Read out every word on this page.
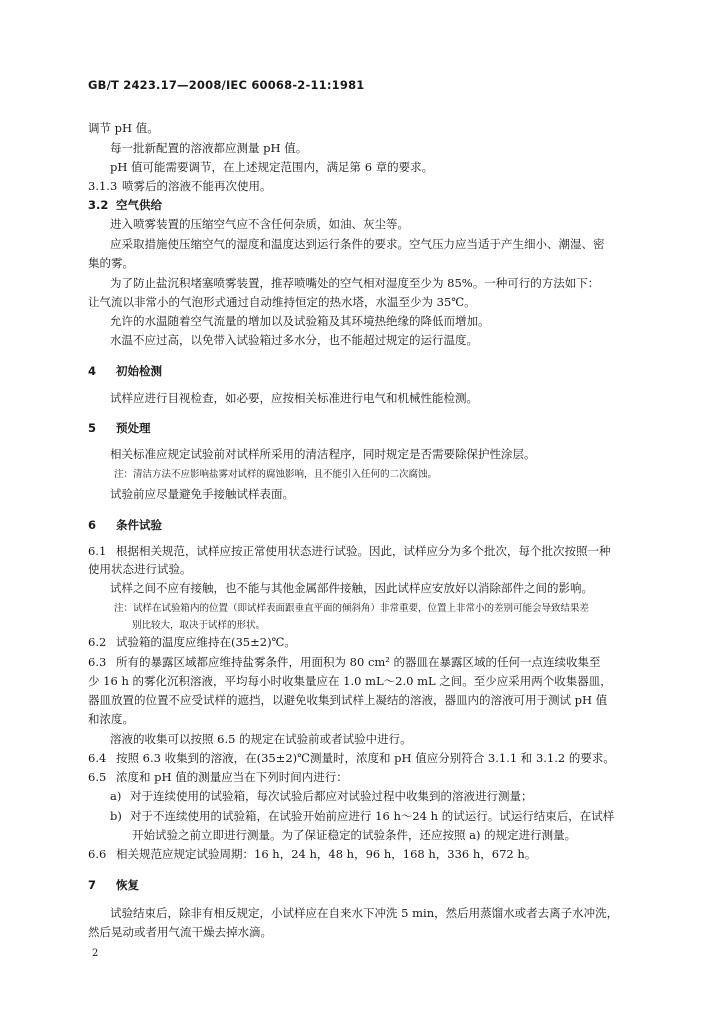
GB/T 2423.17—2008/IEC 60068-2-11:1981
调节 pH 值。
每一批新配置的溶液都应测量 pH 值。
pH 值可能需要调节，在上述规定范围内，满足第 6 章的要求。
3.1.3 喷雾后的溶液不能再次使用。
3.2 空气供给
进入喷雾装置的压缩空气应不含任何杂质，如油、灰尘等。
应采取措施使压缩空气的湿度和温度达到运行条件的要求。空气压力应当适于产生细小、潮湿、密
集的雾。
为了防止盐沉积堵塞喷雾装置，推荐喷嘴处的空气相对湿度至少为 85%。一种可行的方法如下：
让气流以非常小的气泡形式通过自动维持恒定的热水塔，水温至少为 35℃。
允许的水温随着空气流量的增加以及试验箱及其环境热绝缘的降低而增加。
水温不应过高，以免带入试验箱过多水分，也不能超过规定的运行温度。
4 初始检测
试样应进行目视检查，如必要，应按相关标准进行电气和机械性能检测。
5 预处理
相关标准应规定试验前对试样所采用的清洁程序，同时规定是否需要除保护性涂层。
注：清洁方法不应影响盐雾对试样的腐蚀影响，且不能引入任何的二次腐蚀。
试验前应尽量避免手接触试样表面。
6 条件试验
6.1 根据相关规范，试样应按正常使用状态进行试验。因此，试样应分为多个批次，每个批次按照一种
使用状态进行试验。
试样之间不应有接触，也不能与其他金属部件接触，因此试样应安放好以消除部件之间的影响。
注：试样在试验箱内的位置（即试样表面跟垂直平面的倾斜角）非常重要，位置上非常小的差别可能会导致结果差
别比较大，取决于试样的形状。
6.2 试验箱的温度应维持在(35±2)℃。
6.3 所有的暴露区域都应维持盐雾条件，用面积为 80 cm² 的器皿在暴露区域的任何一点连续收集至
少 16 h 的雾化沉积溶液，平均每小时收集量应在 1.0 mL～2.0 mL 之间。至少应采用两个收集器皿，
器皿放置的位置不应受试样的遮挡，以避免收集到试样上凝结的溶液，器皿内的溶液可用于测试 pH 值
和浓度。
溶液的收集可以按照 6.5 的规定在试验前或者试验中进行。
6.4 按照 6.3 收集到的溶液，在(35±2)℃测量时，浓度和 pH 值应分别符合 3.1.1 和 3.1.2 的要求。
6.5 浓度和 pH 值的测量应当在下列时间内进行：
a) 对于连续使用的试验箱，每次试验后都应对试验过程中收集到的溶液进行测量；
b) 对于不连续使用的试验箱，在试验开始前应进行 16 h～24 h 的试运行。试运行结束后，在试样
开始试验之前立即进行测量。为了保证稳定的试验条件，还应按照 a) 的规定进行测量。
6.6 相关规范应规定试验周期：16 h，24 h，48 h，96 h，168 h，336 h，672 h。
7 恢复
试验结束后，除非有相反规定，小试样应在自来水下冲洗 5 min，然后用蒸馏水或者去离子水冲洗，
然后晃动或者用气流干燥去掉水滴。
2
